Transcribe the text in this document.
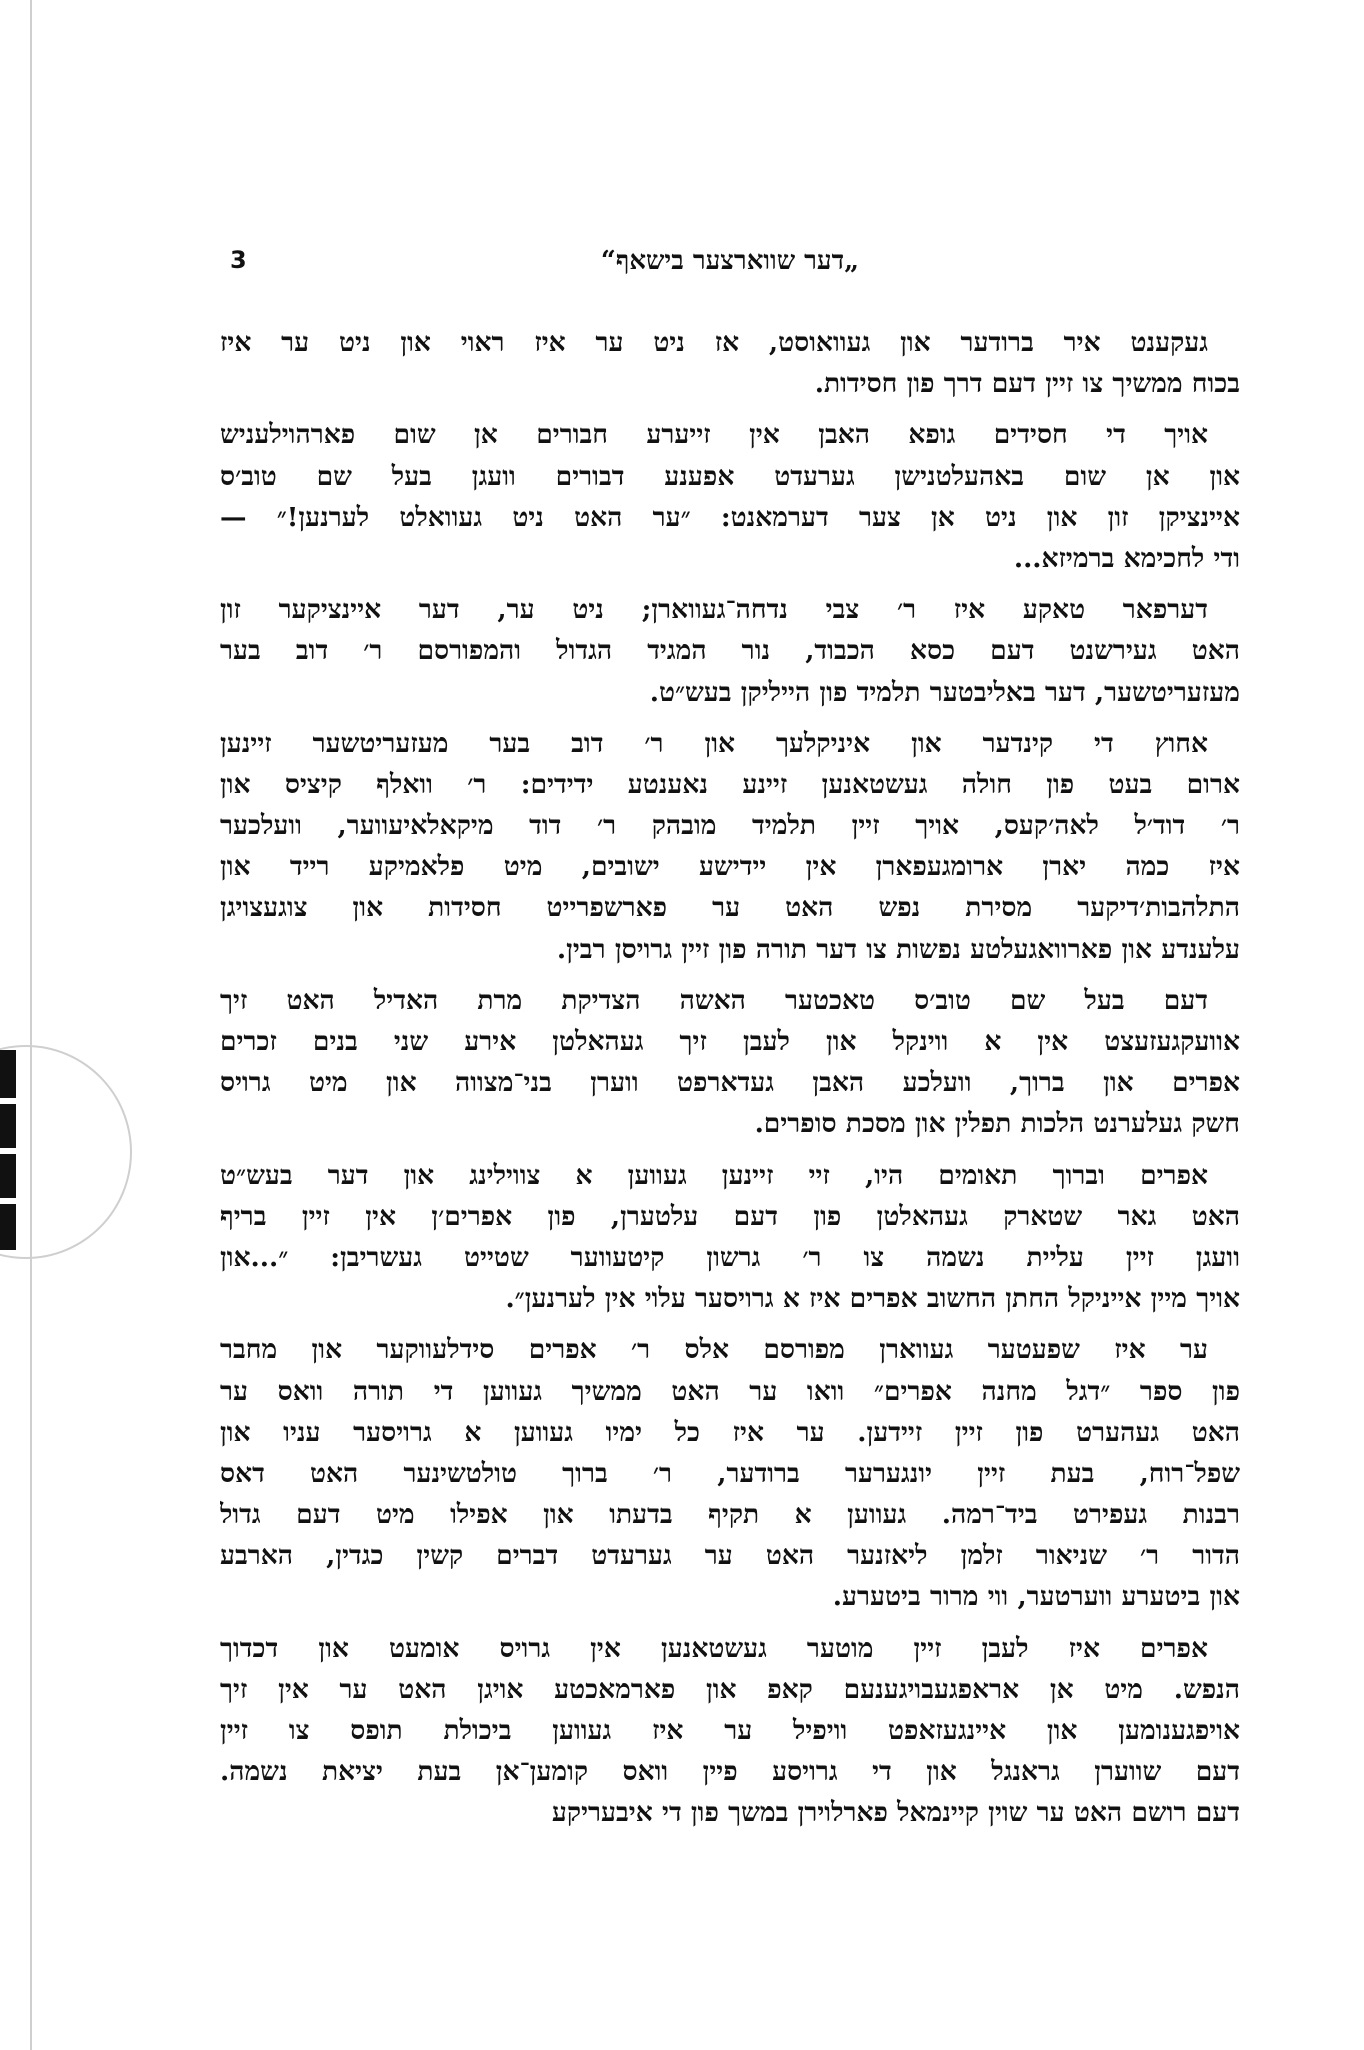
3	„דער שווארצער בישאף“
געקענט איר ברודער און געוואוסט, אז ניט ער איז ראוי און ניט ער איז
בכוח ממשיך צו זיין דעם דרך פון חסידות.
אויך די חסידים גופא האבן אין זייערע חבורים אן שום פארהוילעניש
און אן שום באהעלטנישן גערעדט אפענע דבורים וועגן בעל שם טוב׳ס
איינציקן זון און ניט אן צער דערמאנט: ״ער האט ניט געוואלט לערנען!״ —
ודי לחכימא ברמיזא...
דערפאר טאקע איז ר׳ צבי נדחה־געווארן; ניט ער, דער איינציקער זון
האט געירשנט דעם כסא הכבוד, נור המגיד הגדול והמפורסם ר׳ דוב בער
מעזעריטשער, דער באליבטער תלמיד פון הייליקן בעש״ט.
אחוץ די קינדער און איניקלעך און ר׳ דוב בער מעזעריטשער זיינען
ארום בעט פון חולה געשטאנען זיינע נאענטע ידידים: ר׳ וואלף קיציס און
ר׳ דוד׳ל לאה׳קעס, אויך זיין תלמיד מובהק ר׳ דוד מיקאלאיעווער, וועלכער
איז כמה יארן ארומגעפארן אין יידישע ישובים, מיט פלאמיקע רייד און
התלהבות׳דיקער מסירת נפש האט ער פארשפרייט חסידות און צוגעצויגן
עלענדע און פארוואגעלטע נפשות צו דער תורה פון זיין גרויסן רבין.
דעם בעל שם טוב׳ס טאכטער האשה הצדיקת מרת האדיל האט זיך
אוועקגעזעצט אין א ווינקל און לעבן זיך געהאלטן אירע שני בנים זכרים
אפרים און ברוך, וועלכע האבן געדארפט ווערן בני־מצווה און מיט גרויס
חשק געלערנט הלכות תפלין און מסכת סופרים.
אפרים וברוך תאומים היו, זיי זיינען געווען א צווילינג און דער בעש״ט
האט גאר שטארק געהאלטן פון דעם עלטערן, פון אפרים׳ן אין זיין בריף
וועגן זיין עליית נשמה צו ר׳ גרשון קיטעווער שטייט געשריבן: ״...און
אויך מיין אייניקל החתן החשוב אפרים איז א גרויסער עלוי אין לערנען״.
ער איז שפעטער געווארן מפורסם אלס ר׳ אפרים סידלעווקער און מחבר
פון ספר ״דגל מחנה אפרים״ וואו ער האט ממשיך געווען די תורה וואס ער
האט געהערט פון זיין זיידען. ער איז כל ימיו געווען א גרויסער עניו און
שפל־רוח, בעת זיין יונגערער ברודער, ר׳ ברוך טולטשינער האט דאס
רבנות געפירט ביד־רמה. געווען א תקיף בדעתו און אפילו מיט דעם גדול
הדור ר׳ שניאור זלמן ליאזנער האט ער גערעדט דברים קשין כגדין, הארבע
און ביטערע ווערטער, ווי מרור ביטערע.
אפרים איז לעבן זיין מוטער געשטאנען אין גרויס אומעט און דכדוך
הנפש. מיט אן אראפגעבויגענעם קאפ און פארמאכטע אויגן האט ער אין זיך
אויפגענומען און איינגעזאפט וויפיל ער איז געווען ביכולת תופס צו זיין
דעם שווערן גראנגל און די גרויסע פיין וואס קומען־אן בעת יציאת נשמה.
דעם רושם האט ער שוין קיינמאל פארלוירן במשך פון די איבעריקע
